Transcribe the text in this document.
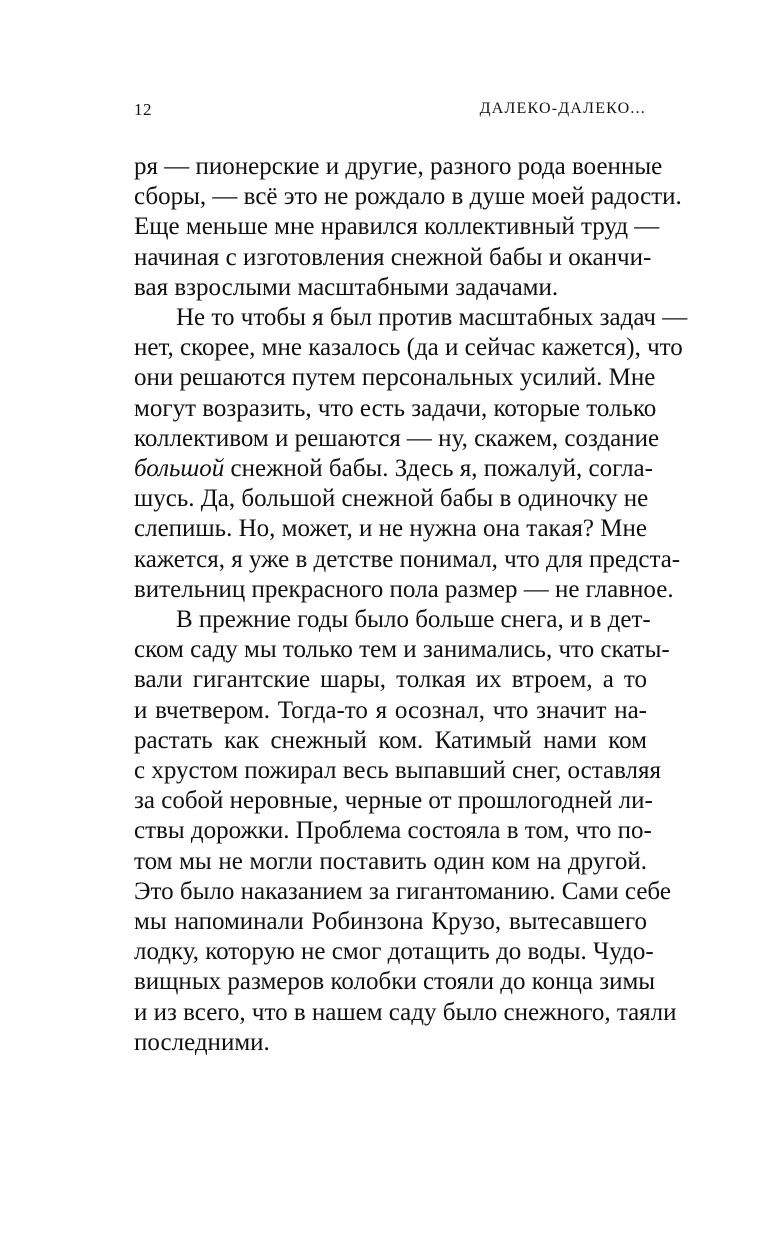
12	ДАЛЕКО-ДАЛЕКО...

ря — пионерские и другие, разного рода военные
сборы, — всё это не рождало в душе моей радости.
Еще меньше мне нравился коллективный труд —
начиная с изготовления снежной бабы и оканчи-
вая взрослыми масштабными задачами.

Не то чтобы я был против масштабных задач —
нет, скорее, мне казалось (да и сейчас кажется), что
они решаются путем персональных усилий. Мне
могут возразить, что есть задачи, которые только
коллективом и решаются — ну, скажем, создание
большой снежной бабы. Здесь я, пожалуй, согла-
шусь. Да, большой снежной бабы в одиночку не
слепишь. Но, может, и не нужна она такая? Мне
кажется, я уже в детстве понимал, что для предста-
вительниц прекрасного пола размер — не главное.

В прежние годы было больше снега, и в дет-
ском саду мы только тем и занимались, что скаты-
вали гигантские шары, толкая их втроем, а то
и вчетвером. Тогда-то я осознал, что значит на-
растать как снежный ком. Катимый нами ком
с хрустом пожирал весь выпавший снег, оставляя
за собой неровные, черные от прошлогодней ли-
ствы дорожки. Проблема состояла в том, что по-
том мы не могли поставить один ком на другой.
Это было наказанием за гигантоманию. Сами себе
мы напоминали Робинзона Крузо, вытесавшего
лодку, которую не смог дотащить до воды. Чудо-
вищных размеров колобки стояли до конца зимы
и из всего, что в нашем саду было снежного, таяли
последними.
